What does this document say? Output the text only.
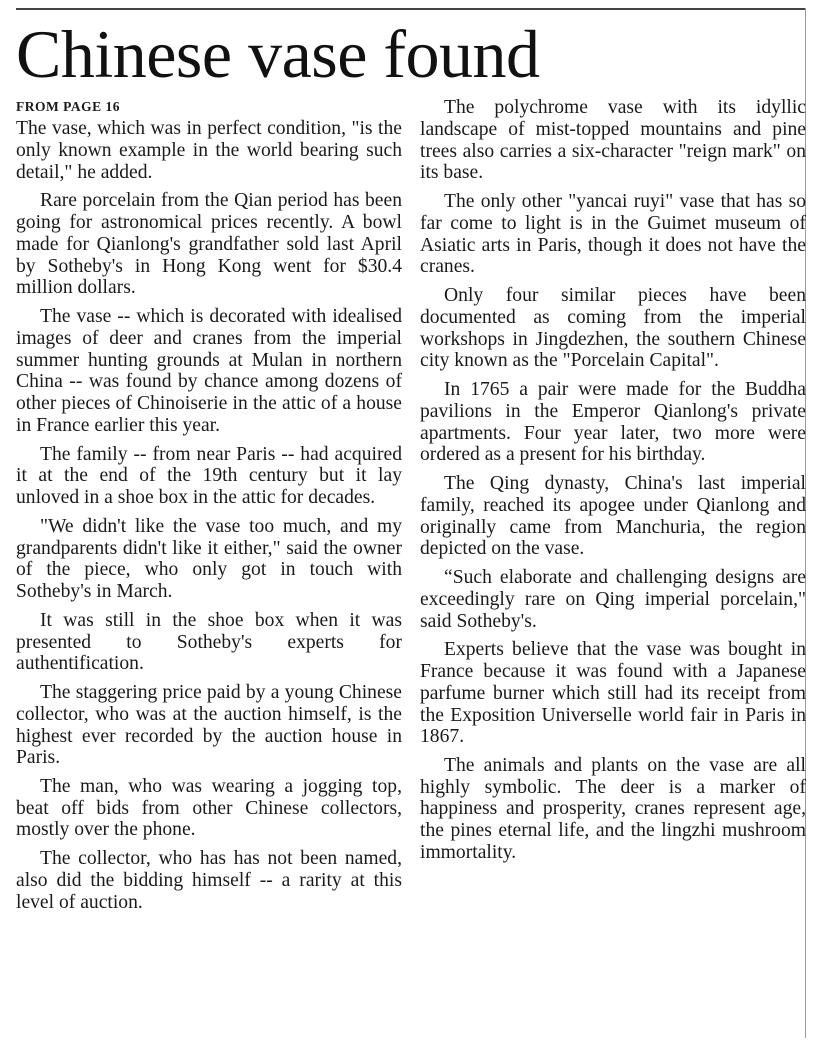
Chinese vase found
FROM PAGE 16

The vase, which was in perfect condition, "is the only known example in the world bearing such detail," he added.

Rare porcelain from the Qian period has been going for astronomical prices recently. A bowl made for Qianlong's grandfather sold last April by Sotheby's in Hong Kong went for $30.4 million dollars.

The vase -- which is decorated with idealised images of deer and cranes from the imperial summer hunting grounds at Mulan in northern China -- was found by chance among dozens of other pieces of Chinoiserie in the attic of a house in France earlier this year.

The family -- from near Paris -- had acquired it at the end of the 19th century but it lay unloved in a shoe box in the attic for decades.

"We didn't like the vase too much, and my grandparents didn't like it either," said the owner of the piece, who only got in touch with Sotheby's in March.

It was still in the shoe box when it was presented to Sotheby's experts for authentification.

The staggering price paid by a young Chinese collector, who was at the auction himself, is the highest ever recorded by the auction house in Paris.

The man, who was wearing a jogging top, beat off bids from other Chinese collectors, mostly over the phone.

The collector, who has has not been named, also did the bidding himself -- a rarity at this level of auction.

The polychrome vase with its idyllic landscape of mist-topped mountains and pine trees also carries a six-character "reign mark" on its base.

The only other "yancai ruyi" vase that has so far come to light is in the Guimet museum of Asiatic arts in Paris, though it does not have the cranes.

Only four similar pieces have been documented as coming from the imperial workshops in Jingdezhen, the southern Chinese city known as the "Porcelain Capital".

In 1765 a pair were made for the Buddha pavilions in the Emperor Qianlong's private apartments. Four year later, two more were ordered as a present for his birthday.

The Qing dynasty, China's last imperial family, reached its apogee under Qianlong and originally came from Manchuria, the region depicted on the vase.

“Such elaborate and challenging designs are exceedingly rare on Qing imperial porcelain," said Sotheby's.

Experts believe that the vase was bought in France because it was found with a Japanese parfume burner which still had its receipt from the Exposition Universelle world fair in Paris in 1867.

The animals and plants on the vase are all highly symbolic. The deer is a marker of happiness and prosperity, cranes represent age, the pines eternal life, and the lingzhi mushroom immortality.
